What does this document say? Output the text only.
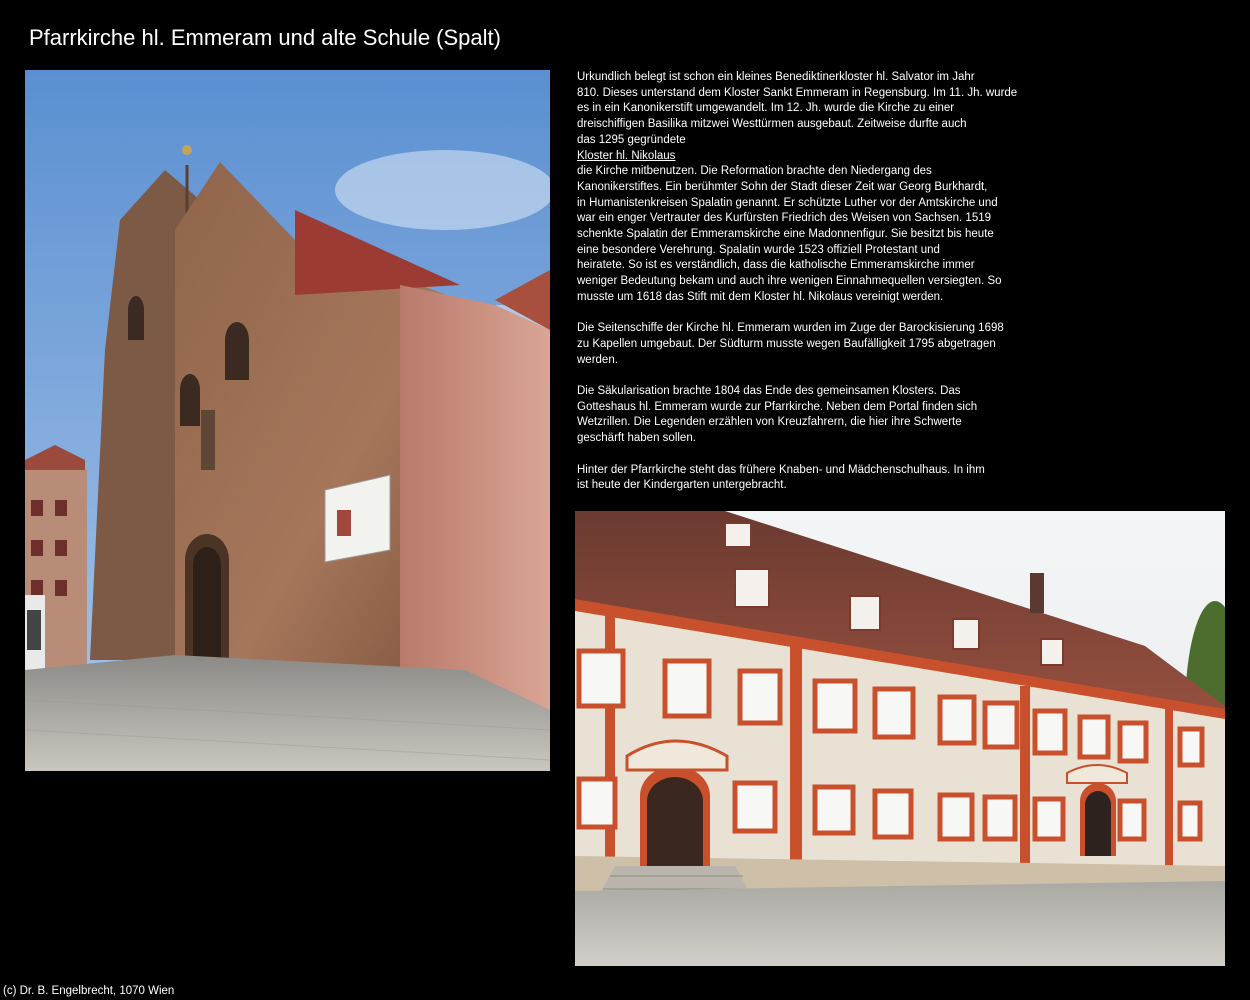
Pfarrkirche hl. Emmeram und alte Schule (Spalt)

Urkundlich belegt ist schon ein kleines Benediktinerkloster hl. Salvator im Jahr
810. Dieses unterstand dem Kloster Sankt Emmeram in Regensburg. Im 11. Jh. wurde
es in ein Kanonikerstift umgewandelt. Im 12. Jh. wurde die Kirche zu einer
dreischiffigen Basilika mitzwei Westtürmen ausgebaut. Zeitweise durfte auch
das 1295 gegründete
Kloster hl. Nikolaus
die Kirche mitbenutzen. Die Reformation brachte den Niedergang des
Kanonikerstiftes. Ein berühmter Sohn der Stadt dieser Zeit war Georg Burkhardt,
in Humanistenkreisen Spalatin genannt. Er schützte Luther vor der Amtskirche und
war ein enger Vertrauter des Kurfürsten Friedrich des Weisen von Sachsen. 1519
schenkte Spalatin der Emmeramskirche eine Madonnenfigur. Sie besitzt bis heute
eine besondere Verehrung. Spalatin wurde 1523 offiziell Protestant und
heiratete. So ist es verständlich, dass die katholische Emmeramskirche immer
weniger Bedeutung bekam und auch ihre wenigen Einnahmequellen versiegten. So
musste um 1618 das Stift mit dem Kloster hl. Nikolaus vereinigt werden.

Die Seitenschiffe der Kirche hl. Emmeram wurden im Zuge der Barockisierung 1698
zu Kapellen umgebaut. Der Südturm musste wegen Baufälligkeit 1795 abgetragen
werden.

Die Säkularisation brachte 1804 das Ende des gemeinsamen Klosters. Das
Gotteshaus hl. Emmeram wurde zur Pfarrkirche. Neben dem Portal finden sich
Wetzrillen. Die Legenden erzählen von Kreuzfahrern, die hier ihre Schwerte
geschärft haben sollen.

Hinter der Pfarrkirche steht das frühere Knaben- und Mädchenschulhaus. In ihm
ist heute der Kindergarten untergebracht.

(c) Dr. B. Engelbrecht, 1070 Wien
